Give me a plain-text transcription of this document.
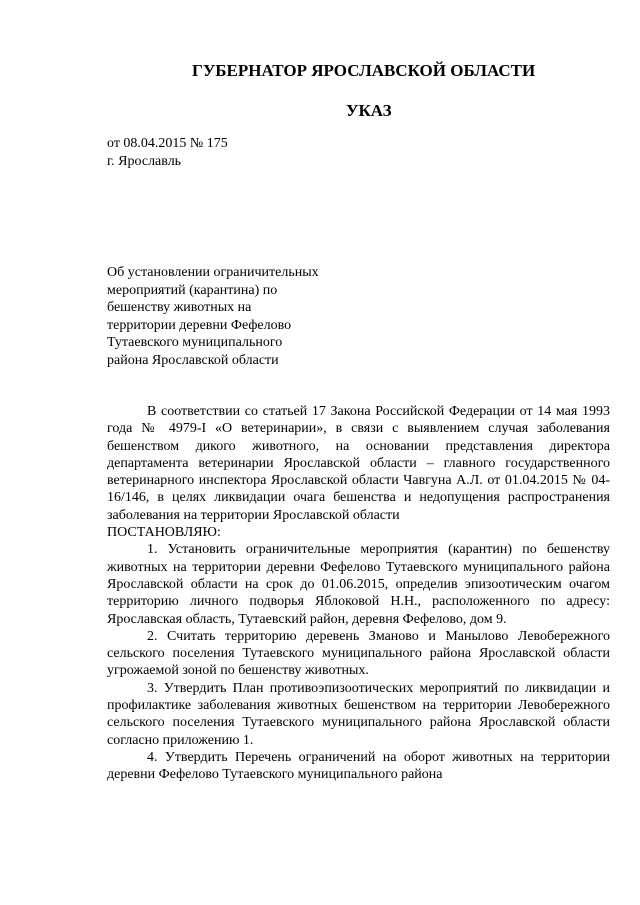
ГУБЕРНАТОР ЯРОСЛАВСКОЙ ОБЛАСТИ
УКАЗ
от 08.04.2015 № 175
г. Ярославль
Об установлении ограничительных
мероприятий (карантина) по
бешенству животных на
территории деревни Фефелово
Тутаевского муниципального
района Ярославской области

В соответствии со статьей 17 Закона Российской Федерации от 14 мая 1993 года № 4979-I «О ветеринарии», в связи с выявлением случая заболевания бешенством дикого животного, на основании представления директора департамента ветеринарии Ярославской области – главного государственного ветеринарного инспектора Ярославской области Чавгуна А.Л. от 01.04.2015 № 04-16/146, в целях ликвидации очага бешенства и недопущения распространения заболевания на территории Ярославской области

ПОСТАНОВЛЯЮ:

1. Установить ограничительные мероприятия (карантин) по бешенству животных на территории деревни Фефелово Тутаевского муниципального района Ярославской области на срок до 01.06.2015, определив эпизоотическим очагом территорию личного подворья Яблоковой Н.Н., расположенного по адресу: Ярославская область, Тутаевский район, деревня Фефелово, дом 9.

2. Считать территорию деревень Зманово и Манылово Левобережного сельского поселения Тутаевского муниципального района Ярославской области угрожаемой зоной по бешенству животных.

3. Утвердить План противоэпизоотических мероприятий по ликвидации и профилактике заболевания животных бешенством на территории Левобережного сельского поселения Тутаевского муниципального района Ярославской области согласно приложению 1.

4. Утвердить Перечень ограничений на оборот животных на территории деревни Фефелово Тутаевского муниципального района
